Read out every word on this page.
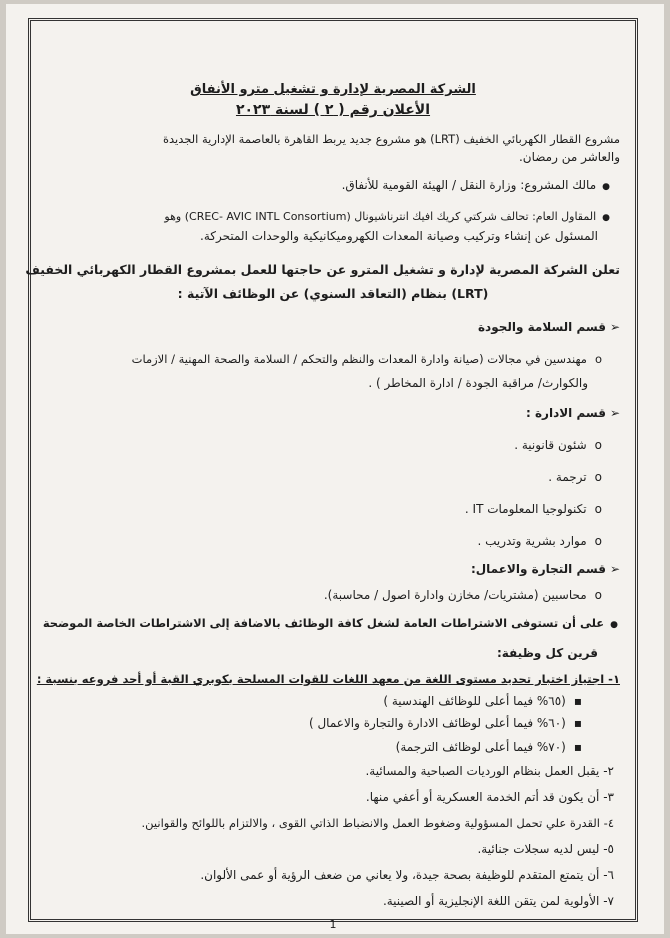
الشركة المصرية لإدارة و تشغيل مترو الأنفاق
الأعلان رقم ( ٢ ) لسنة ٢٠٢٣
مشروع القطار الكهربائي الخفيف (LRT) هو مشروع جديد يربط القاهرة بالعاصمة الإدارية الجديدة
والعاشر من رمضان.
● مالك المشروع: وزارة النقل / الهيئة القومية للأنفاق.
● المقاول العام: تحالف شركتي كريك افيك انترناشيونال (CREC- AVIC INTL Consortium) وهو
المسئول عن إنشاء وتركيب وصيانة المعدات الكهروميكانيكية والوحدات المتحركة.
تعلن الشركة المصرية لإدارة و تشغيل المترو عن حاجتها للعمل بمشروع القطار الكهربائي الخفيف
(LRT) بنظام (التعاقد السنوي) عن الوظائف الآتية :
➢ قسم السلامة والجودة
o مهندسين في مجالات (صيانة وادارة المعدات والنظم والتحكم / السلامة والصحة المهنية / الازمات
والكوارث/ مراقبة الجودة / ادارة المخاطر ) .
➢ قسم الادارة :
o شئون قانونية .
o ترجمة .
o تكنولوجيا المعلومات IT .
o موارد بشرية وتدريب .
➢ قسم التجارة والاعمال:
o محاسبين (مشتريات/ مخازن وادارة اصول / محاسبة).
● على أن تستوفى الاشتراطات العامة لشغل كافة الوظائف بالاضافة إلى الاشتراطات الخاصة الموضحة
قرين كل وظيفة:
١- اجتياز اختبار تحديد مستوى اللغة من معهد اللغات للقوات المسلحة بكوبري القبة أو أحد فروعه بنسبة :
▪ (٦٥% فيما أعلى للوظائف الهندسية )
▪ (٦٠% فيما أعلى لوظائف الادارة والتجارة والاعمال )
▪ (٧٠% فيما أعلى لوظائف الترجمة)
٢- يقبل العمل بنظام الورديات الصباحية والمسائية.
٣- أن يكون قد أتم الخدمة العسكرية أو أعفي منها.
٤- القدرة علي تحمل المسؤولية وضغوط العمل والانضباط الذاتي القوى ، والالتزام باللوائح والقوانين.
٥- ليس لديه سجلات جنائية.
٦- أن يتمتع المتقدم للوظيفة بصحة جيدة، ولا يعاني من ضعف الرؤية أو عمى الألوان.
٧- الأولوية لمن يتقن اللغة الإنجليزية أو الصينية.
1
